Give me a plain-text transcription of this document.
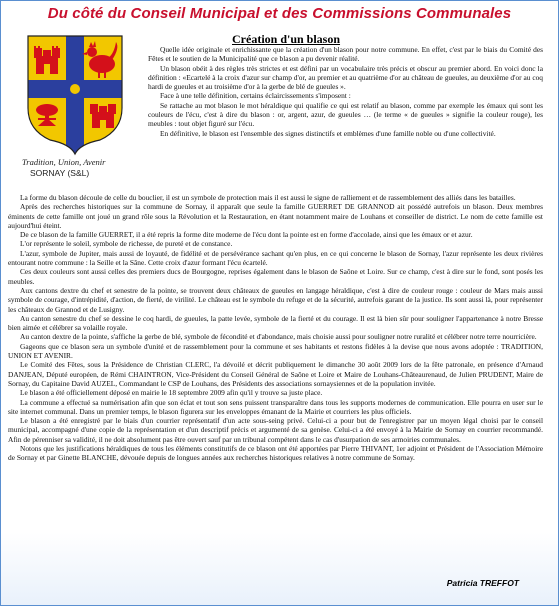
Du côté du Conseil Municipal et des Commissions Communales
Création d'un blason
Tradition, Union, Avenir
SORNAY (S&L)

Quelle idée originale et enrichissante que la création d'un blason pour notre commune. En effet, c'est par le biais du Comité des Fêtes et le soutien de la Municipalité que ce blason a pu devenir réalité.

Un blason obéit à des règles très strictes et est défini par un vocabulaire très précis et obscur au premier abord. En voici donc la définition : «Ecartelé à la croix d'azur sur champ d'or, au premier et au quatrième d'or au château de gueules, au deuxième d'or au coq hardi de gueules et au troisième d'or à la gerbe de blé de gueules ».

Face à une telle définition, certains éclaircissements s'imposent :

Se rattache au mot blason le mot héraldique qui qualifie ce qui est relatif au blason, comme par exemple les émaux qui sont les couleurs de l'écu, c'est à dire du blason : or, argent, azur, de gueules … (le terme « de gueules » signifie la couleur rouge), les meubles : tout objet figuré sur l'écu.

En définitive, le blason est l'ensemble des signes distinctifs et emblèmes d'une famille noble ou d'une collectivité.

La forme du blason découle de celle du bouclier, il est un symbole de protection mais il est aussi le signe de ralliement et de rassemblement des alliés dans les batailles.

Après des recherches historiques sur la commune de Sornay, il apparaît que seule la famille GUERRET DE GRANNOD ait possédé autrefois un blason. Deux membres éminents de cette famille ont joué un grand rôle sous la Révolution et la Restauration, en étant notamment maire de Louhans et conseiller de district. Le nom de cette famille est aujourd'hui éteint.

De ce blason de la famille GUERRET, il a été repris la forme dite moderne de l'écu dont la pointe est en forme d'accolade, ainsi que les émaux or et azur.

L'or représente le soleil, symbole de richesse, de pureté et de constance.

L'azur, symbole de Jupiter, mais aussi de loyauté, de fidélité et de persévérance sachant qu'en plus, en ce qui concerne le blason de Sornay, l'azur représente les deux rivières entourant notre commune : la Seille et la Sâne. Cette croix d'azur formant l'écu écartelé.

Ces deux couleurs sont aussi celles des premiers ducs de Bourgogne, reprises également dans le blason de Saône et Loire. Sur ce champ, c'est à dire sur le fond, sont posés les meubles.

Aux cantons dextre du chef et senestre de la pointe, se trouvent deux châteaux de gueules en langage héraldique, c'est à dire de couleur rouge : couleur de Mars mais aussi symbole de courage, d'intrépidité, d'action, de fierté, de virilité. Le château est le symbole du refuge et de la sécurité, autrefois garant de la justice. Ils sont aussi là, pour représenter les châteaux de Grannod et de Lusigny.

Au canton senestre du chef se dessine le coq hardi, de gueules, la patte levée, symbole de la fierté et du courage. Il est là bien sûr pour souligner l'appartenance à notre Bresse bien aimée et célébrer sa volaille royale.

Au canton dextre de la pointe, s'affiche la gerbe de blé, symbole de fécondité et d'abondance, mais choisie aussi pour souligner notre ruralité et célébrer notre terre nourricière.

Gageons que ce blason sera un symbole d'unité et de rassemblement pour la commune et ses habitants et restons fidèles à la devise que nous avons adoptée : TRADITION, UNION ET AVENIR.

Le Comité des Fêtes, sous la Présidence de Christian CLERC, l'a dévoilé et décrit publiquement le dimanche 30 août 2009 lors de la fête patronale, en présence d'Arnaud DANJEAN, Député européen, de Rémi CHAINTRON, Vice-Président du Conseil Général de Saône et Loire et Maire de Louhans-Châteaurenaud, de Julien PRUDENT, Maire de Sornay, du Capitaine David AUZEL, Commandant le CSP de Louhans, des Présidents des associations sornaysiennes et de la population invitée.

Le blason a été officiellement déposé en mairie le 18 septembre 2009 afin qu'il y trouve sa juste place.

La commune a effectué sa numérisation afin que son éclat et tout son sens puissent transparaître dans tous les supports modernes de communication. Elle pourra en user sur le site internet communal. Dans un premier temps, le blason figurera sur les enveloppes émanant de la Mairie et courriers les plus officiels.

Le blason a été enregistré par le biais d'un courrier représentatif d'un acte sous-seing privé. Celui-ci a pour but de l'enregistrer par un moyen légal choisi par le conseil municipal, accompagné d'une copie de la représentation et d'un descriptif précis et argumenté de sa genèse. Celui-ci a été envoyé à la Mairie de Sornay en courrier recommandé. Afin de pérenniser sa validité, il ne doit absolument pas être ouvert sauf par un tribunal compétent dans le cas d'usurpation de ses armoiries communales.

Notons que les justifications héraldiques de tous les éléments constitutifs de ce blason ont été apportées par Pierre THIVANT, 1er adjoint et Président de l'Association Mémoire de Sornay et par Ginette BLANCHE, dévouée depuis de longues années aux recherches historiques relatives à notre commune de Sornay.

Patricia TREFFOT
